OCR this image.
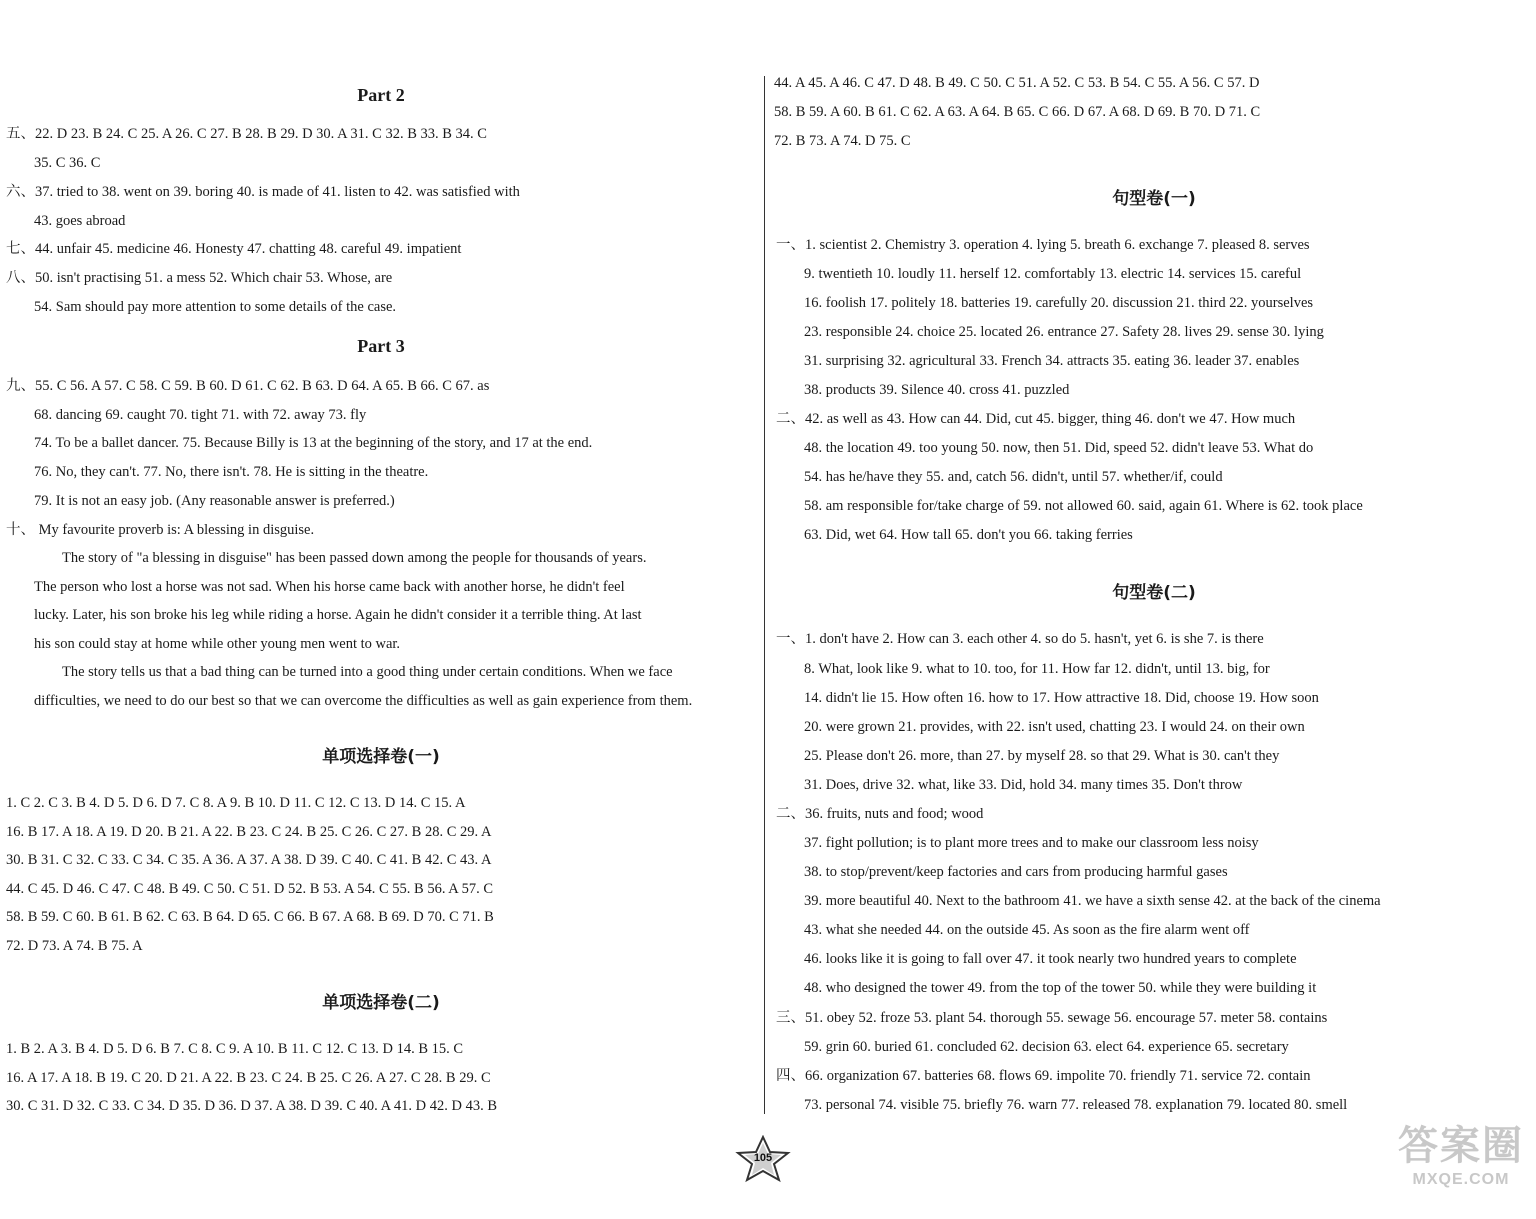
Part 2
五、22. D 23. B 24. C 25. A 26. C 27. B 28. B 29. D 30. A 31. C 32. B 33. B 34. C
35. C 36. C
六、37. tried to 38. went on 39. boring 40. is made of 41. listen to 42. was satisfied with
43. goes abroad
七、44. unfair 45. medicine 46. Honesty 47. chatting 48. careful 49. impatient
八、50. isn't practising 51. a mess 52. Which chair 53. Whose, are
54. Sam should pay more attention to some details of the case.
Part 3
九、55. C 56. A 57. C 58. C 59. B 60. D 61. C 62. B 63. D 64. A 65. B 66. C 67. as
68. dancing 69. caught 70. tight 71. with 72. away 73. fly
74. To be a ballet dancer. 75. Because Billy is 13 at the beginning of the story, and 17 at the end.
76. No, they can't. 77. No, there isn't. 78. He is sitting in the theatre.
79. It is not an easy job. (Any reasonable answer is preferred.)
十、 My favourite proverb is: A blessing in disguise.
The story of "a blessing in disguise" has been passed down among the people for thousands of years.
The person who lost a horse was not sad. When his horse came back with another horse, he didn't feel
lucky. Later, his son broke his leg while riding a horse. Again he didn't consider it a terrible thing. At last
his son could stay at home while other young men went to war.
The story tells us that a bad thing can be turned into a good thing under certain conditions. When we face
difficulties, we need to do our best so that we can overcome the difficulties as well as gain experience from them.
单项选择卷(一)
1. C 2. C 3. B 4. D 5. D 6. D 7. C 8. A 9. B 10. D 11. C 12. C 13. D 14. C 15. A
16. B 17. A 18. A 19. D 20. B 21. A 22. B 23. C 24. B 25. C 26. C 27. B 28. C 29. A
30. B 31. C 32. C 33. C 34. C 35. A 36. A 37. A 38. D 39. C 40. C 41. B 42. C 43. A
44. C 45. D 46. C 47. C 48. B 49. C 50. C 51. D 52. B 53. A 54. C 55. B 56. A 57. C
58. B 59. C 60. B 61. B 62. C 63. B 64. D 65. C 66. B 67. A 68. B 69. D 70. C 71. B
72. D 73. A 74. B 75. A
单项选择卷(二)
1. B 2. A 3. B 4. D 5. D 6. B 7. C 8. C 9. A 10. B 11. C 12. C 13. D 14. B 15. C
16. A 17. A 18. B 19. C 20. D 21. A 22. B 23. C 24. B 25. C 26. A 27. C 28. B 29. C
30. C 31. D 32. C 33. C 34. D 35. D 36. D 37. A 38. D 39. C 40. A 41. D 42. D 43. B
44. A 45. A 46. C 47. D 48. B 49. C 50. C 51. A 52. C 53. B 54. C 55. A 56. C 57. D
58. B 59. A 60. B 61. C 62. A 63. A 64. B 65. C 66. D 67. A 68. D 69. B 70. D 71. C
72. B 73. A 74. D 75. C
句型卷(一)
一、1. scientist 2. Chemistry 3. operation 4. lying 5. breath 6. exchange 7. pleased 8. serves
9. twentieth 10. loudly 11. herself 12. comfortably 13. electric 14. services 15. careful
16. foolish 17. politely 18. batteries 19. carefully 20. discussion 21. third 22. yourselves
23. responsible 24. choice 25. located 26. entrance 27. Safety 28. lives 29. sense 30. lying
31. surprising 32. agricultural 33. French 34. attracts 35. eating 36. leader 37. enables
38. products 39. Silence 40. cross 41. puzzled
二、42. as well as 43. How can 44. Did, cut 45. bigger, thing 46. don't we 47. How much
48. the location 49. too young 50. now, then 51. Did, speed 52. didn't leave 53. What do
54. has he/have they 55. and, catch 56. didn't, until 57. whether/if, could
58. am responsible for/take charge of 59. not allowed 60. said, again 61. Where is 62. took place
63. Did, wet 64. How tall 65. don't you 66. taking ferries
句型卷(二)
一、1. don't have 2. How can 3. each other 4. so do 5. hasn't, yet 6. is she 7. is there
8. What, look like 9. what to 10. too, for 11. How far 12. didn't, until 13. big, for
14. didn't lie 15. How often 16. how to 17. How attractive 18. Did, choose 19. How soon
20. were grown 21. provides, with 22. isn't used, chatting 23. I would 24. on their own
25. Please don't 26. more, than 27. by myself 28. so that 29. What is 30. can't they
31. Does, drive 32. what, like 33. Did, hold 34. many times 35. Don't throw
二、36. fruits, nuts and food; wood
37. fight pollution; is to plant more trees and to make our classroom less noisy
38. to stop/prevent/keep factories and cars from producing harmful gases
39. more beautiful 40. Next to the bathroom 41. we have a sixth sense 42. at the back of the cinema
43. what she needed 44. on the outside 45. As soon as the fire alarm went off
46. looks like it is going to fall over 47. it took nearly two hundred years to complete
48. who designed the tower 49. from the top of the tower 50. while they were building it
三、51. obey 52. froze 53. plant 54. thorough 55. sewage 56. encourage 57. meter 58. contains
59. grin 60. buried 61. concluded 62. decision 63. elect 64. experience 65. secretary
四、66. organization 67. batteries 68. flows 69. impolite 70. friendly 71. service 72. contain
73. personal 74. visible 75. briefly 76. warn 77. released 78. explanation 79. located 80. smell
105	答案圈
MXQE.COM
